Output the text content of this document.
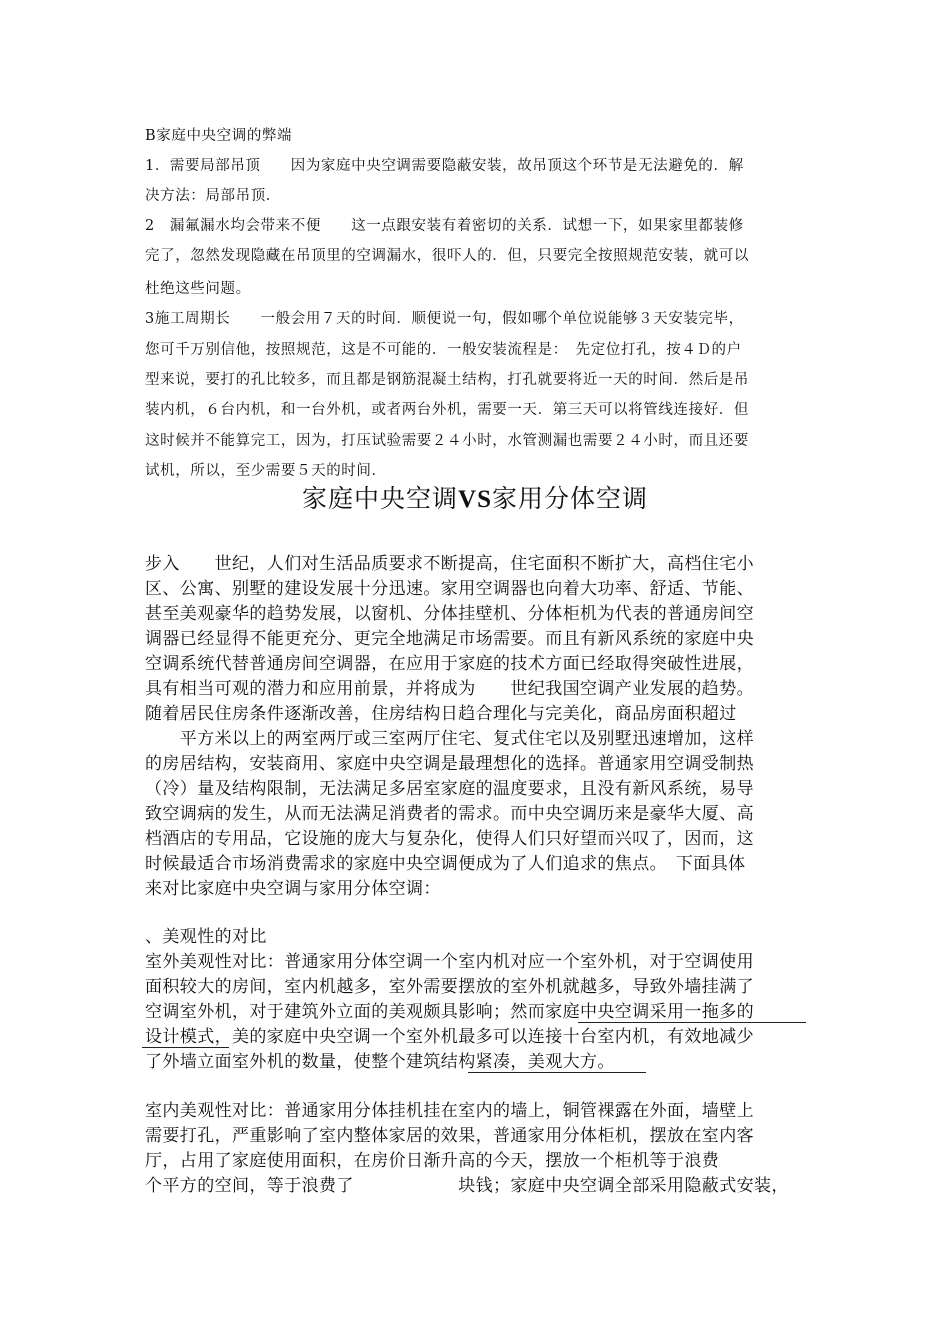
B家庭中央空调的弊端
1．需要局部吊顶　　因为家庭中央空调需要隐蔽安装，故吊顶这个环节是无法避免的．解
决方法：局部吊顶．
2　漏氟漏水均会带来不便　　这一点跟安装有着密切的关系．试想一下，如果家里都装修
完了，忽然发现隐藏在吊顶里的空调漏水，很吓人的．但，只要完全按照规范安装，就可以
杜绝这些问题。
3施工周期长　　一般会用７天的时间．顺便说一句，假如哪个单位说能够３天安装完毕，
您可千万别信他，按照规范，这是不可能的．一般安装流程是：　先定位打孔，按４Ｄ的户
型来说，要打的孔比较多，而且都是钢筋混凝土结构，打孔就要将近一天的时间．然后是吊
装内机，６台内机，和一台外机，或者两台外机，需要一天．第三天可以将管线连接好．但
这时候并不能算完工，因为，打压试验需要２４小时，水管测漏也需要２４小时，而且还要
试机，所以，至少需要５天的时间．
家庭中央空调VS家用分体空调
步入　　世纪，人们对生活品质要求不断提高，住宅面积不断扩大，高档住宅小
区、公寓、别墅的建设发展十分迅速。家用空调器也向着大功率、舒适、节能、
甚至美观豪华的趋势发展，以窗机、分体挂壁机、分体柜机为代表的普通房间空
调器已经显得不能更充分、更完全地满足市场需要。而且有新风系统的家庭中央
空调系统代替普通房间空调器，在应用于家庭的技术方面已经取得突破性进展，
具有相当可观的潜力和应用前景，并将成为　　世纪我国空调产业发展的趋势。
随着居民住房条件逐渐改善，住房结构日趋合理化与完美化，商品房面积超过
　　平方米以上的两室两厅或三室两厅住宅、复式住宅以及别墅迅速增加，这样
的房居结构，安装商用、家庭中央空调是最理想化的选择。普通家用空调受制热
（冷）量及结构限制，无法满足多居室家庭的温度要求，且没有新风系统，易导
致空调病的发生，从而无法满足消费者的需求。而中央空调历来是豪华大厦、高
档酒店的专用品，它设施的庞大与复杂化，使得人们只好望而兴叹了，因而，这
时候最适合市场消费需求的家庭中央空调便成为了人们追求的焦点。　下面具体
来对比家庭中央空调与家用分体空调：
、美观性的对比
室外美观性对比：普通家用分体空调一个室内机对应一个室外机，对于空调使用
面积较大的房间，室内机越多，室外需要摆放的室外机就越多，导致外墙挂满了
空调室外机，对于建筑外立面的美观颇具影响；然而家庭中央空调采用一拖多的
设计模式，美的家庭中央空调一个室外机最多可以连接十台室内机，有效地减少
了外墙立面室外机的数量，使整个建筑结构紧凑，美观大方。
室内美观性对比：普通家用分体挂机挂在室内的墙上，铜管裸露在外面，墙壁上
需要打孔，严重影响了室内整体家居的效果，普通家用分体柜机，摆放在室内客
厅，占用了家庭使用面积，在房价日渐升高的今天，摆放一个柜机等于浪费
个平方的空间，等于浪费了　　　　　　块钱；家庭中央空调全部采用隐蔽式安装，
